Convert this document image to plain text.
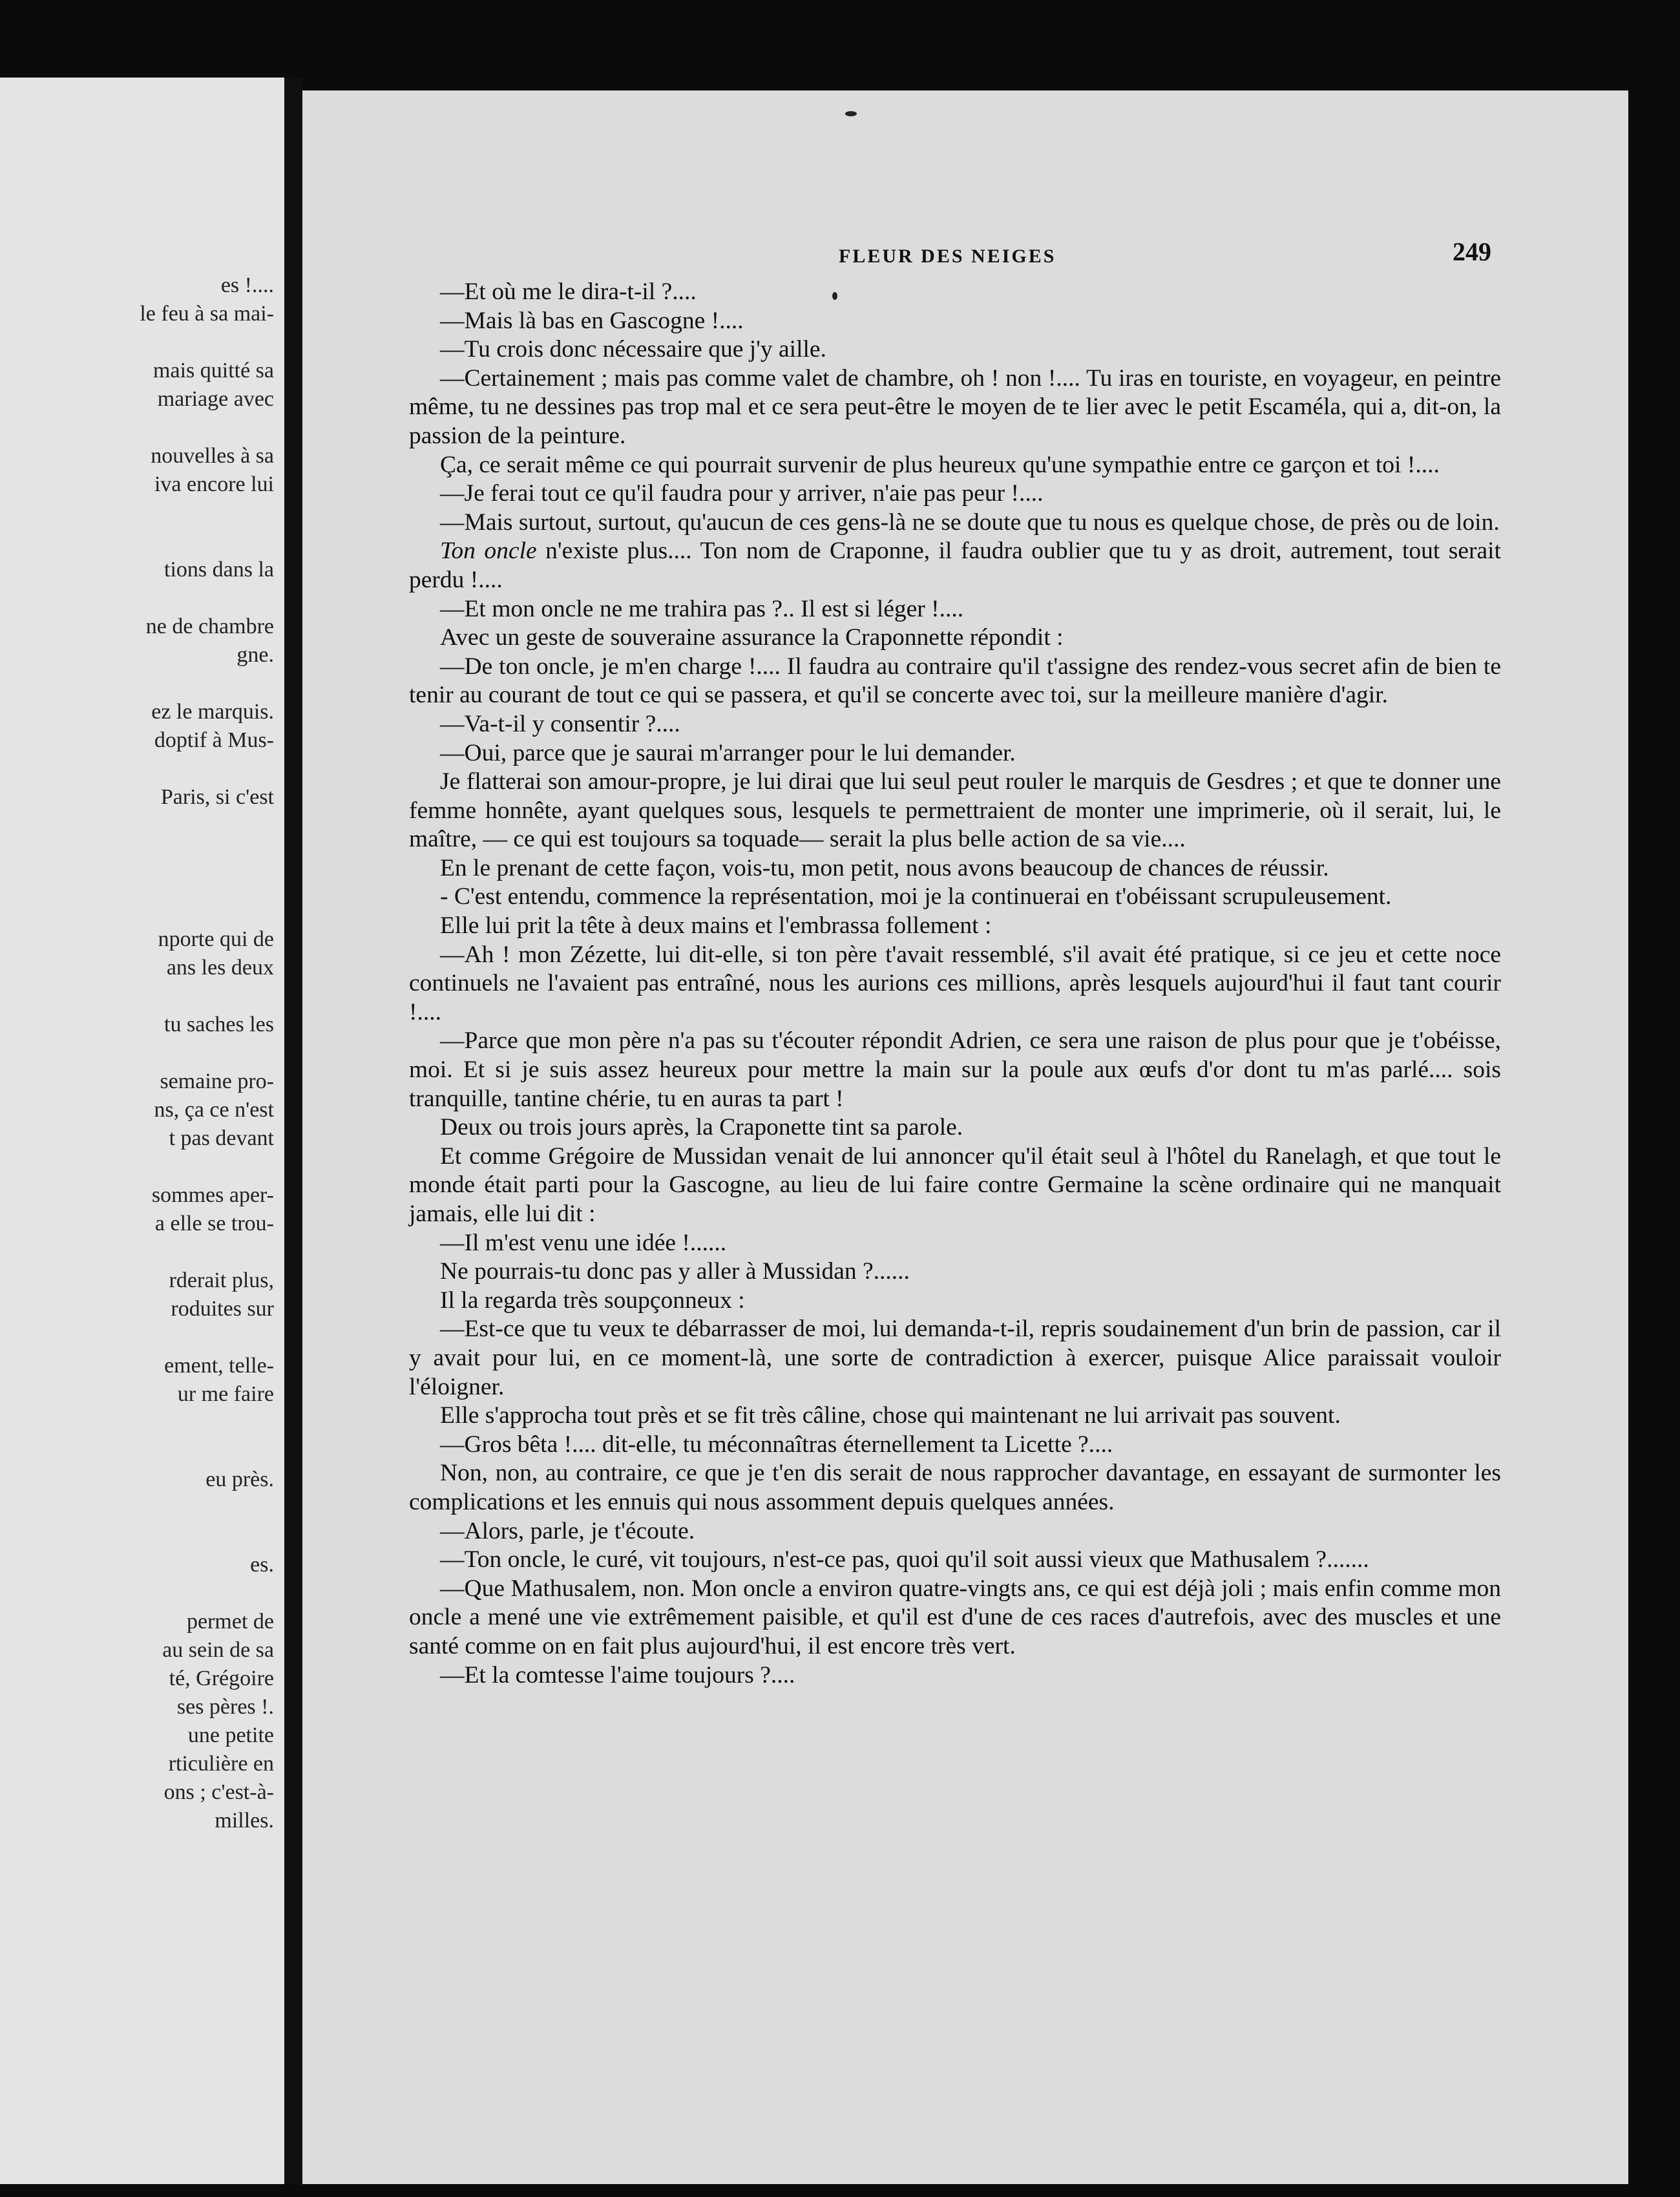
es !....
le feu à sa mai-
mais quitté sa
mariage avec
nouvelles à sa
iva encore lui
tions dans la
ne de chambre
gne.
ez le marquis.
doptif à Mus-
Paris, si c'est
nporte qui de
ans les deux
tu saches les
semaine pro-
ns, ça ce n'est
t pas devant
sommes aper-
a elle se trou-
rderait plus,
roduites sur
ement, telle-
ur me faire
eu près.
es.
permet de
au sein de sa
té, Grégoire
ses pères !.
une petite
rticulière en
ons ; c'est-à-
milles.
FLEUR DES NEIGES	249

—Et où me le dira-t-il ?....

—Mais là bas en Gascogne !....

—Tu crois donc nécessaire que j'y aille.

—Certainement ; mais pas comme valet de chambre, oh ! non !.... Tu iras en touriste, en voyageur, en peintre même, tu ne dessines pas trop mal et ce sera peut-être le moyen de te lier avec le petit Escaméla, qui a, dit-on, la passion de la peinture.

Ça, ce serait même ce qui pourrait survenir de plus heureux qu'une sympathie entre ce garçon et toi !....

—Je ferai tout ce qu'il faudra pour y arriver, n'aie pas peur !....

—Mais surtout, surtout, qu'aucun de ces gens-là ne se doute que tu nous es quelque chose, de près ou de loin.

Ton oncle n'existe plus.... Ton nom de Craponne, il faudra oublier que tu y as droit, autrement, tout serait perdu !....

—Et mon oncle ne me trahira pas ?.. Il est si léger !....

Avec un geste de souveraine assurance la Craponnette répondit :

—De ton oncle, je m'en charge !.... Il faudra au contraire qu'il t'assigne des rendez-vous secret afin de bien te tenir au courant de tout ce qui se passera, et qu'il se concerte avec toi, sur la meilleure manière d'agir.

—Va-t-il y consentir ?....

—Oui, parce que je saurai m'arranger pour le lui demander.

Je flatterai son amour-propre, je lui dirai que lui seul peut rouler le marquis de Gesdres ; et que te donner une femme honnête, ayant quelques sous, lesquels te permettraient de monter une imprimerie, où il serait, lui, le maître, — ce qui est toujours sa toquade— serait la plus belle action de sa vie....

En le prenant de cette façon, vois-tu, mon petit, nous avons beaucoup de chances de réussir.

- C'est entendu, commence la représentation, moi je la continuerai en t'obéissant scrupuleusement.

Elle lui prit la tête à deux mains et l'embrassa follement :

—Ah ! mon Zézette, lui dit-elle, si ton père t'avait ressemblé, s'il avait été pratique, si ce jeu et cette noce continuels ne l'avaient pas entraîné, nous les aurions ces millions, après lesquels aujourd'hui il faut tant courir !....

—Parce que mon père n'a pas su t'écouter répondit Adrien, ce sera une raison de plus pour que je t'obéisse, moi. Et si je suis assez heureux pour mettre la main sur la poule aux œufs d'or dont tu m'as parlé.... sois tranquille, tantine chérie, tu en auras ta part !

Deux ou trois jours après, la Craponette tint sa parole.

Et comme Grégoire de Mussidan venait de lui annoncer qu'il était seul à l'hôtel du Ranelagh, et que tout le monde était parti pour la Gascogne, au lieu de lui faire contre Germaine la scène ordinaire qui ne manquait jamais, elle lui dit :

—Il m'est venu une idée !......

Ne pourrais-tu donc pas y aller à Mussidan ?......

Il la regarda très soupçonneux :

—Est-ce que tu veux te débarrasser de moi, lui demanda-t-il, repris soudainement d'un brin de passion, car il y avait pour lui, en ce moment-là, une sorte de contradiction à exercer, puisque Alice paraissait vouloir l'éloigner.

Elle s'approcha tout près et se fit très câline, chose qui maintenant ne lui arrivait pas souvent.

—Gros bêta !.... dit-elle, tu méconnaîtras éternellement ta Licette ?....

Non, non, au contraire, ce que je t'en dis serait de nous rapprocher davantage, en essayant de surmonter les complications et les ennuis qui nous assomment depuis quelques années.

—Alors, parle, je t'écoute.

—Ton oncle, le curé, vit toujours, n'est-ce pas, quoi qu'il soit aussi vieux que Mathusalem ?.......

—Que Mathusalem, non. Mon oncle a environ quatre-vingts ans, ce qui est déjà joli ; mais enfin comme mon oncle a mené une vie extrêmement paisible, et qu'il est d'une de ces races d'autrefois, avec des muscles et une santé comme on en fait plus aujourd'hui, il est encore très vert.

—Et la comtesse l'aime toujours ?....
